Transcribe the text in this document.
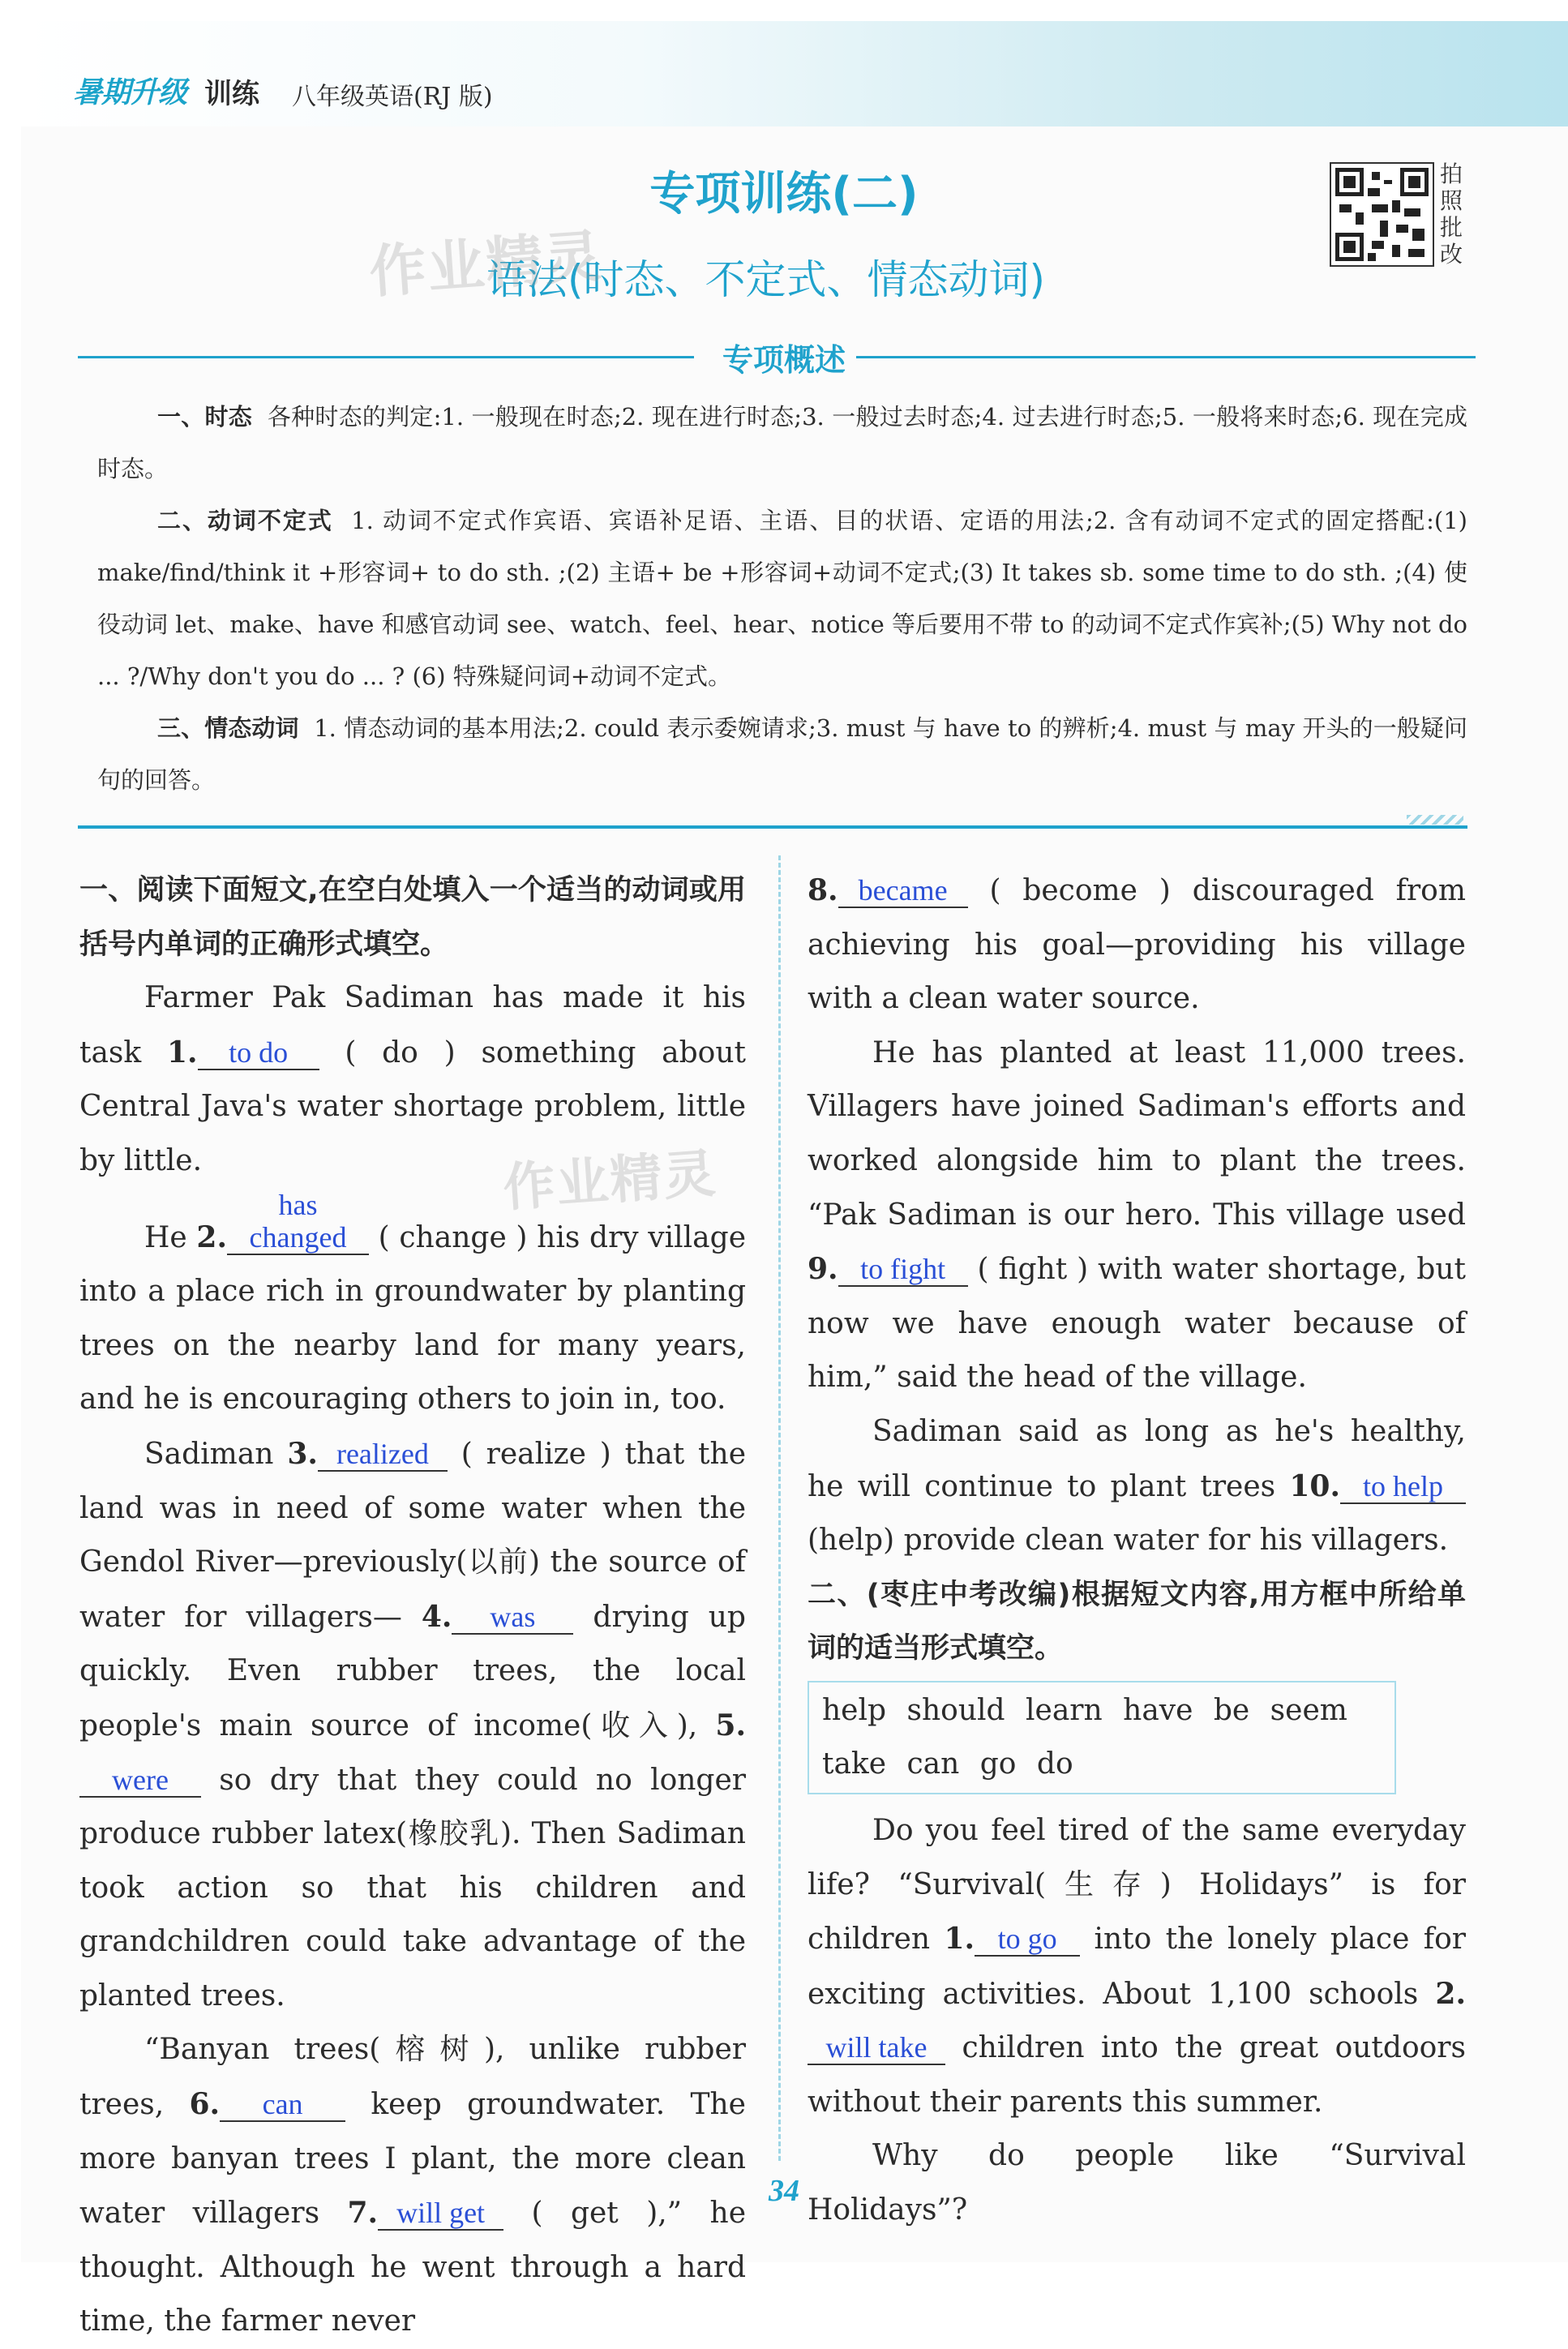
暑期升级 训练 八年级英语(RJ 版)
专项训练(二)
语法(时态、不定式、情态动词)
作业精灵
作业精灵
拍照批改
专项概述

一、时态 各种时态的判定:1. 一般现在时态;2. 现在进行时态;3. 一般过去时态;4. 过去进行时态;5. 一般将来时态;6. 现在完成时态。

二、动词不定式 1. 动词不定式作宾语、宾语补足语、主语、目的状语、定语的用法;2. 含有动词不定式的固定搭配:(1) make/find/think it +形容词+ to do sth. ;(2) 主语+ be +形容词+动词不定式;(3) It takes sb. some time to do sth. ;(4) 使役动词 let、make、have 和感官动词 see、watch、feel、hear、notice 等后要用不带 to 的动词不定式作宾补;(5) Why not do ... ?/Why don't you do ... ? (6) 特殊疑问词+动词不定式。

三、情态动词 1. 情态动词的基本用法;2. could 表示委婉请求;3. must 与 have to 的辨析;4. must 与 may 开头的一般疑问句的回答。

一、阅读下面短文,在空白处填入一个适当的动词或用括号内单词的正确形式填空。

Farmer Pak Sadiman has made it his task 1. to do ( do ) something about Central Java's water shortage problem, little by little.

He 2.has changed ( change ) his dry village into a place rich in groundwater by planting trees on the nearby land for many years, and he is encouraging others to join in, too.

Sadiman 3. realized ( realize ) that the land was in need of some water when the Gendol River—previously(以前) the source of water for villagers— 4. was drying up quickly. Even rubber trees, the local people's main source of income(收入), 5.were so dry that they could no longer produce rubber latex(橡胶乳). Then Sadiman took action so that his children and grandchildren could take advantage of the planted trees.

“Banyan trees(榕树), unlike rubber trees, 6. can keep groundwater. The more banyan trees I plant, the more clean water villagers 7. will get ( get ),” he thought. Although he went through a hard time, the farmer never

8. became ( become ) discouraged from achieving his goal—providing his village with a clean water source.

He has planted at least 11,000 trees. Villagers have joined Sadiman's efforts and worked alongside him to plant the trees. “Pak Sadiman is our hero. This village used 9. to fight ( fight ) with water shortage, but now we have enough water because of him,” said the head of the village.

Sadiman said as long as he's healthy, he will continue to plant trees 10. to help (help) provide clean water for his villagers.

二、(枣庄中考改编)根据短文内容,用方框中所给单词的适当形式填空。

help should learn have be seem
take can go do

Do you feel tired of the same everyday life? “Survival(生存) Holidays” is for children 1. to go into the lonely place for exciting activities. About 1,100 schools 2.will take children into the great outdoors without their parents this summer.

Why do people like “Survival Holidays”?

34
